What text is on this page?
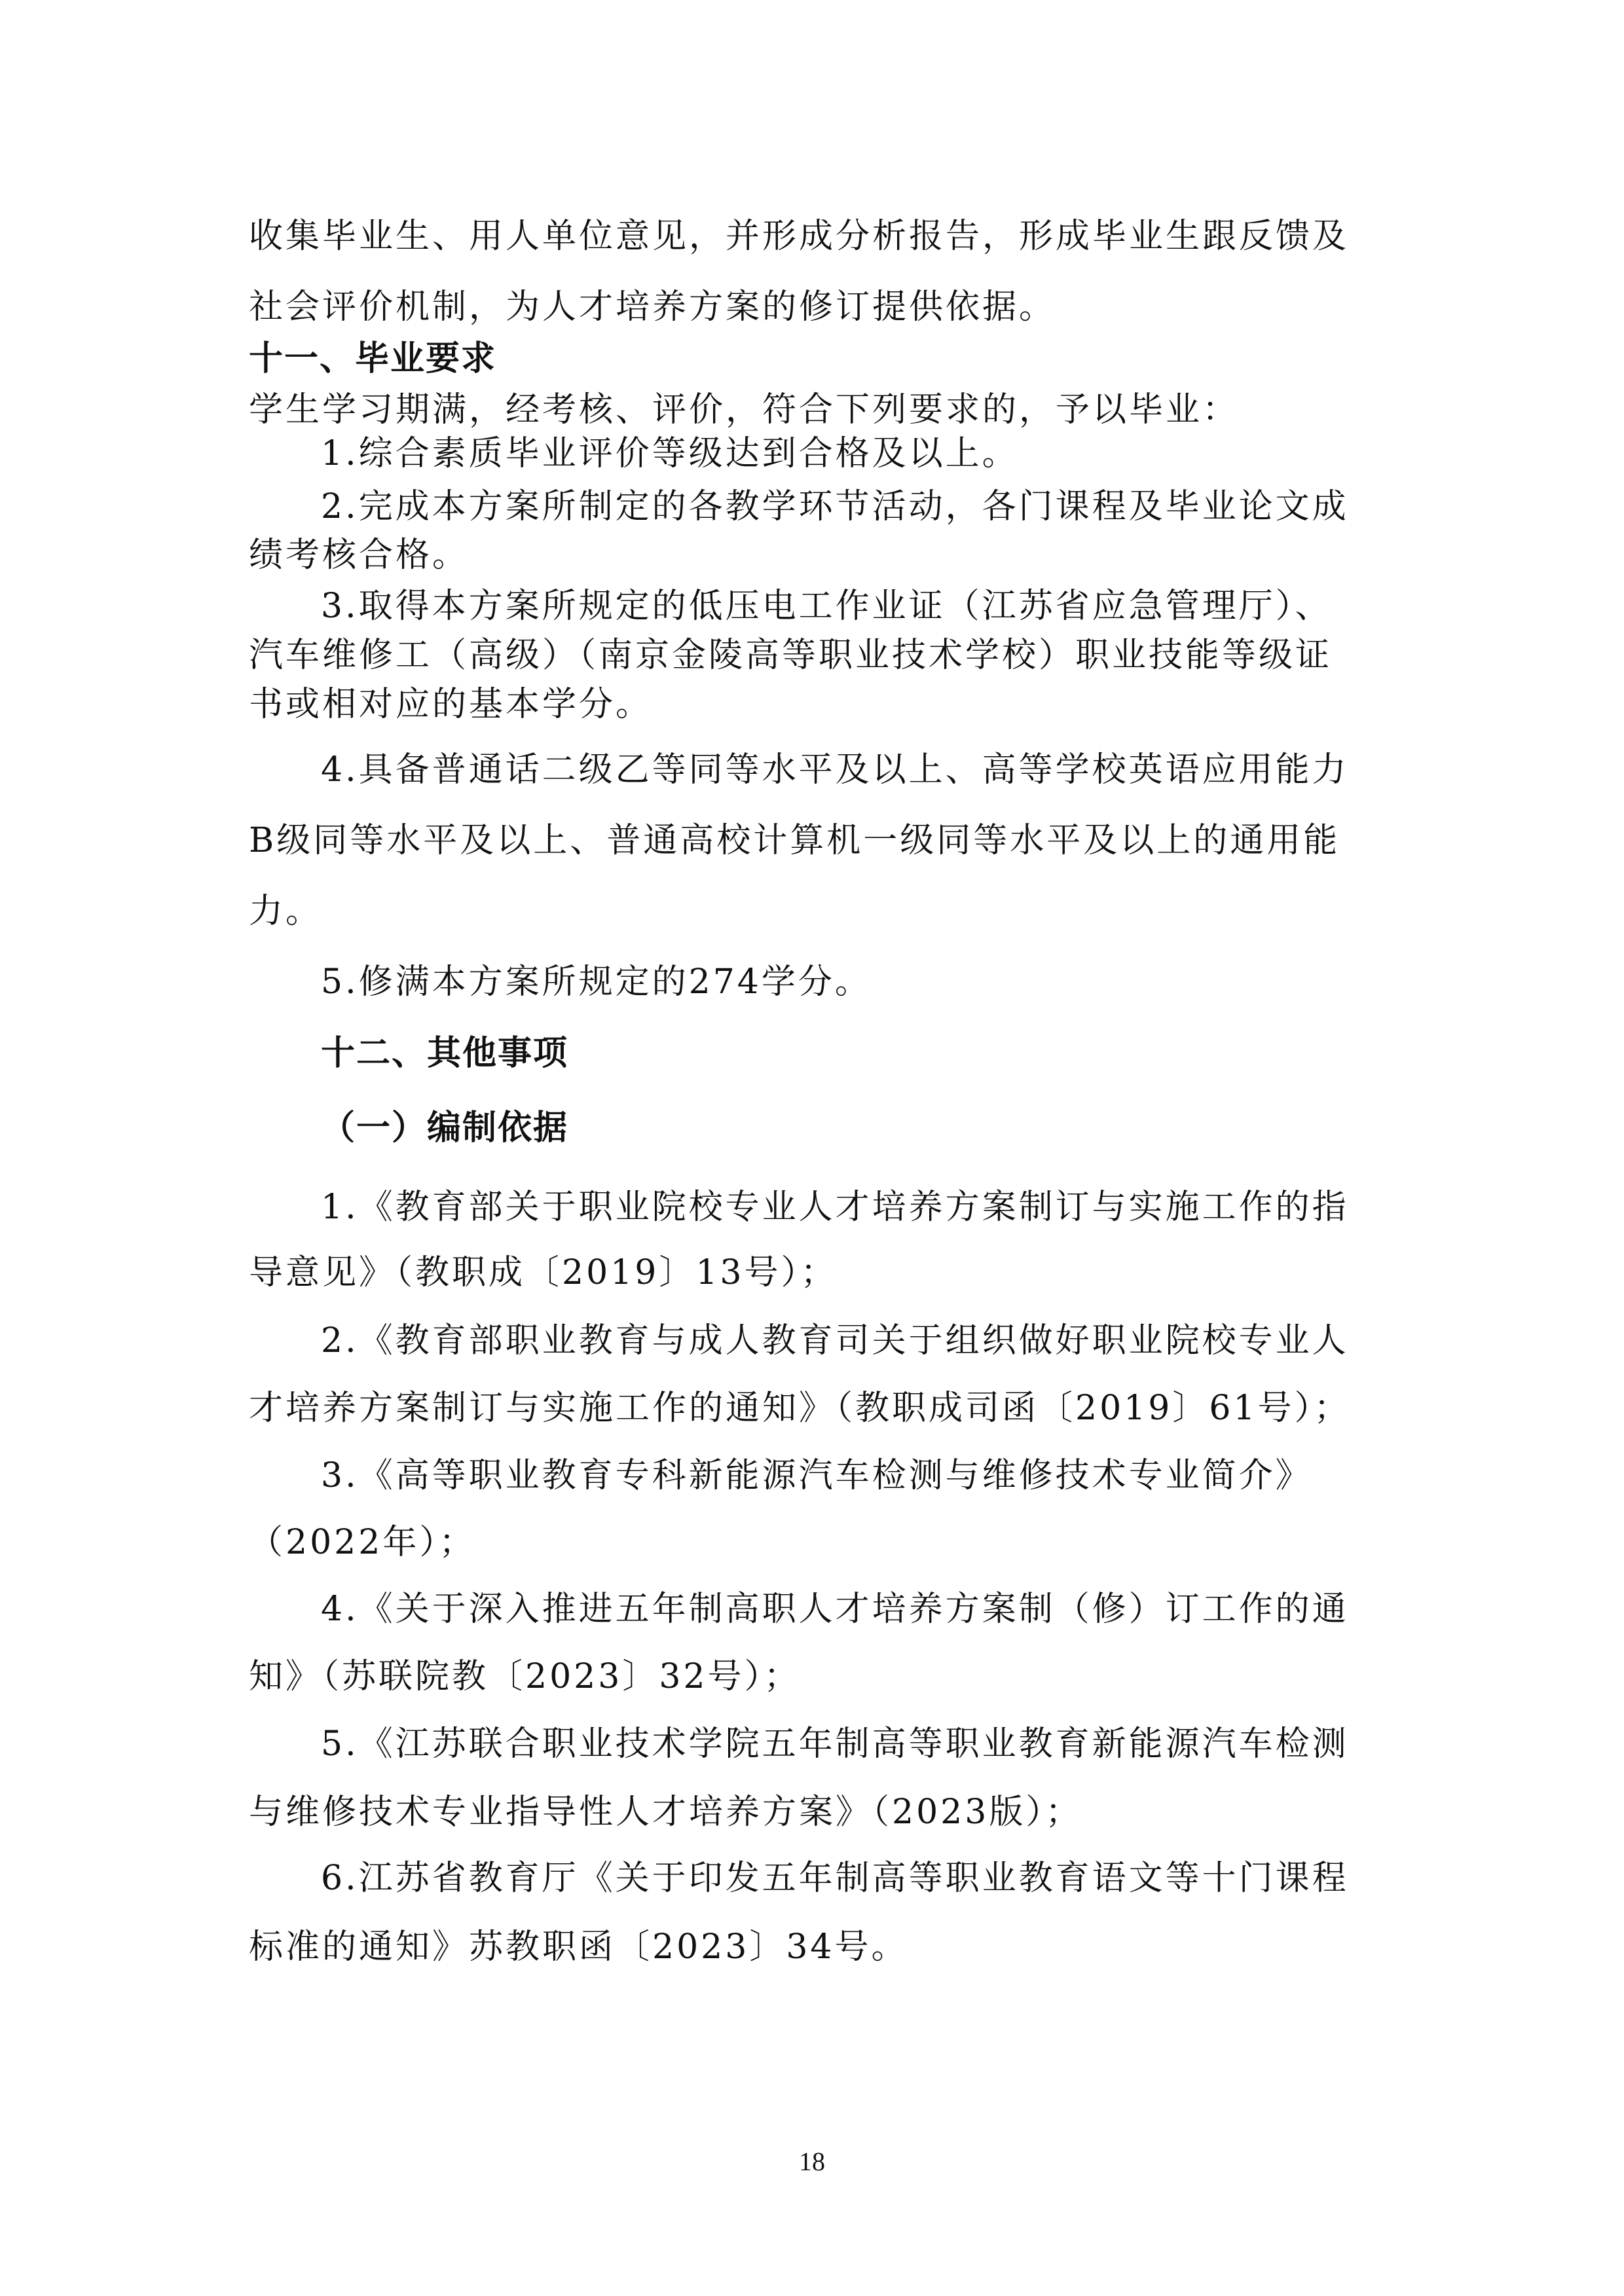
收集毕业生、用人单位意见，并形成分析报告，形成毕业生跟反馈及

社会评价机制，为人才培养方案的修订提供依据。

十一、毕业要求

学生学习期满，经考核、评价，符合下列要求的，予以毕业：

1.综合素质毕业评价等级达到合格及以上。

2.完成本方案所制定的各教学环节活动，各门课程及毕业论文成

绩考核合格。

3.取得本方案所规定的低压电工作业证（江苏省应急管理厅）、

汽车维修工（高级）（南京金陵高等职业技术学校）职业技能等级证

书或相对应的基本学分。

4.具备普通话二级乙等同等水平及以上、高等学校英语应用能力

B级同等水平及以上、普通高校计算机一级同等水平及以上的通用能

力。

5.修满本方案所规定的274学分。

十二、其他事项

（一）编制依据

1.《教育部关于职业院校专业人才培养方案制订与实施工作的指

导意见》（教职成〔2019〕13号）；

2.《教育部职业教育与成人教育司关于组织做好职业院校专业人

才培养方案制订与实施工作的通知》（教职成司函〔2019〕61号）；

3.《高等职业教育专科新能源汽车检测与维修技术专业简介》

（2022年）；

4.《关于深入推进五年制高职人才培养方案制（修）订工作的通

知》（苏联院教〔2023〕32号）；

5.《江苏联合职业技术学院五年制高等职业教育新能源汽车检测

与维修技术专业指导性人才培养方案》（2023版）；

6.江苏省教育厅《关于印发五年制高等职业教育语文等十门课程

标准的通知》苏教职函〔2023〕34号。

18
